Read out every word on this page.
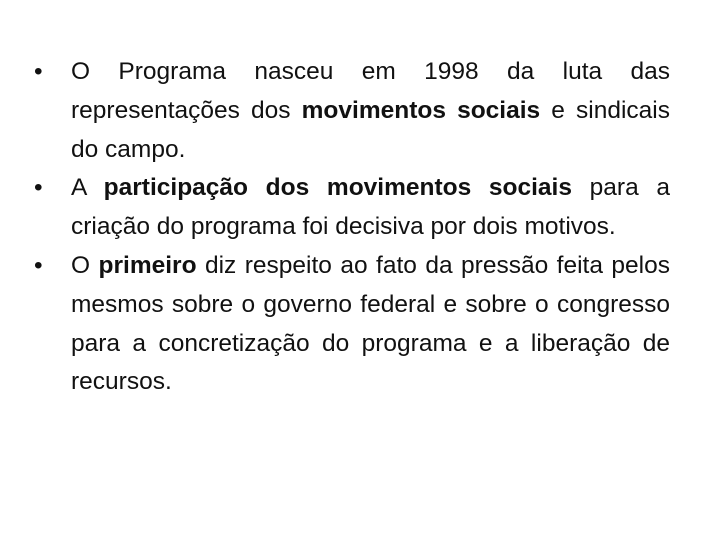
• O Programa nasceu em 1998 da luta das representações dos movimentos sociais e sindicais do campo.
• A participação dos movimentos sociais para a criação do programa foi decisiva por dois motivos.
• O primeiro diz respeito ao fato da pressão feita pelos mesmos sobre o governo federal e sobre o congresso para a concretização do programa e a liberação de recursos.
